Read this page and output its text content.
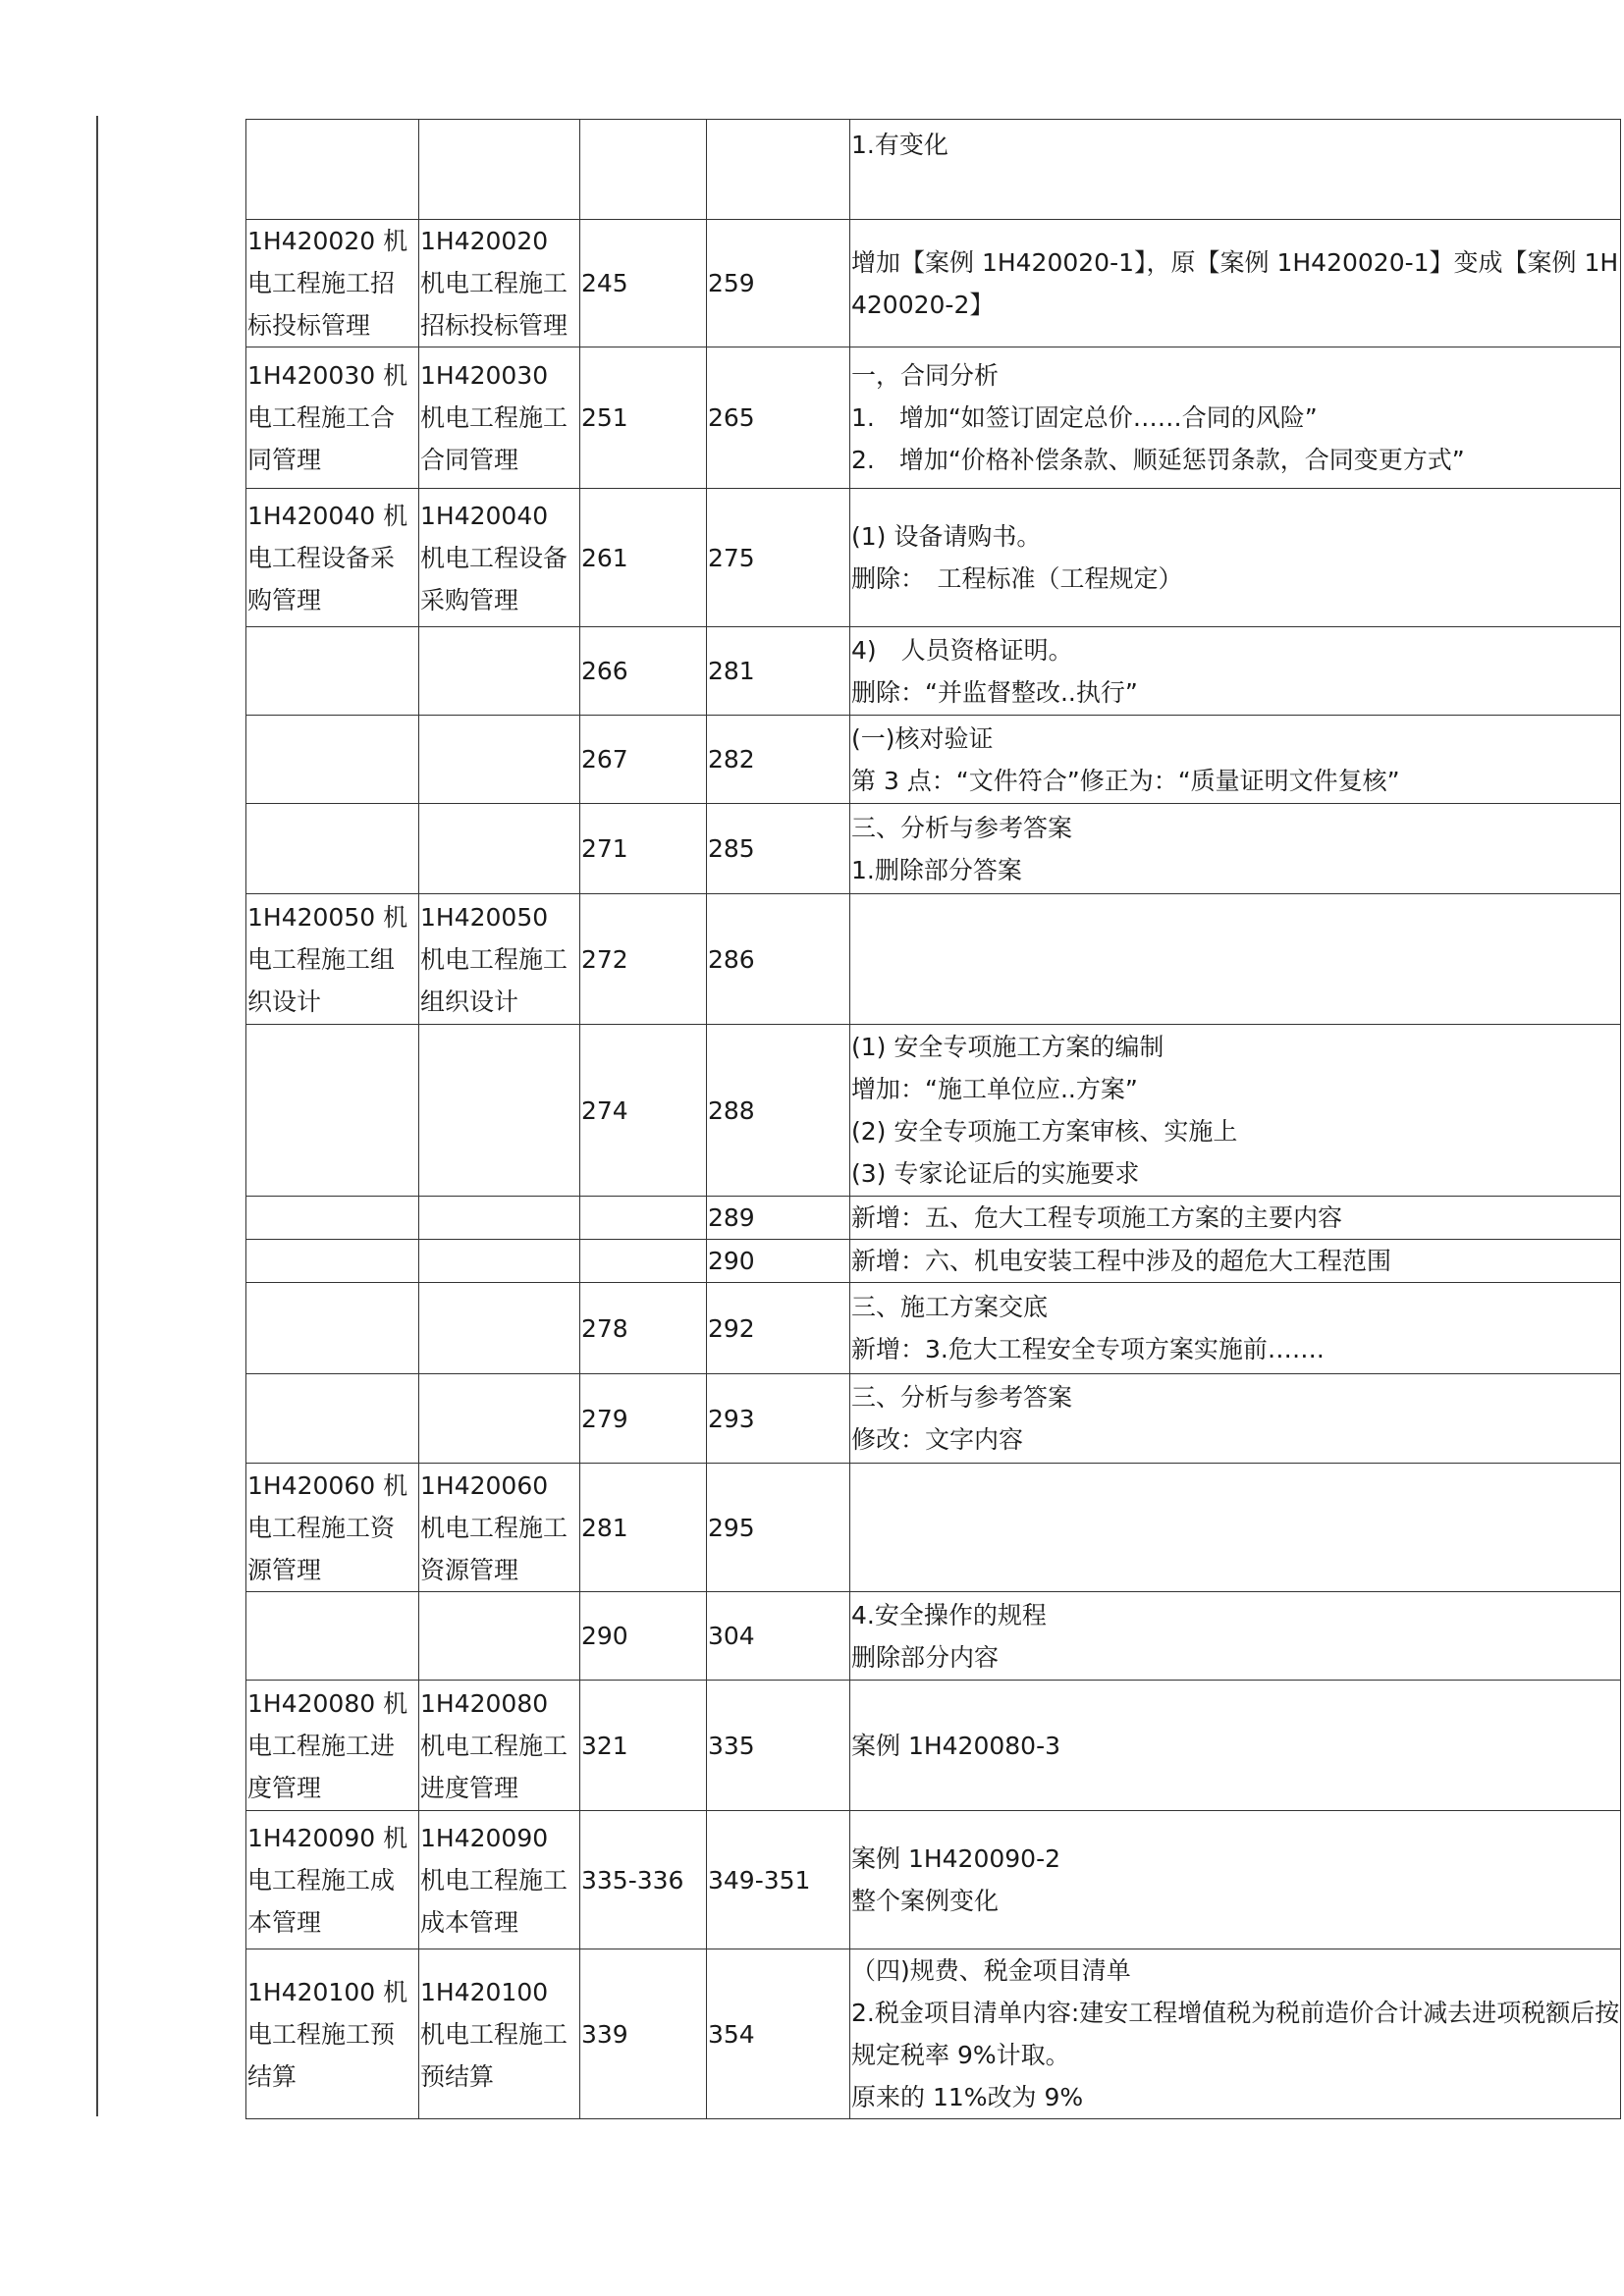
				1.有变化

1H420020 机电工程施工招标投标管理	1H420020 机电工程施工招标投标管理	245	259	增加【案例 1H420020-1】，原【案例 1H420020-1】变成【案例 1H420020-2】

1H420030 机电工程施工合同管理	1H420030 机电工程施工合同管理	251	265	一，合同分析
1.　增加“如签订固定总价……合同的风险”
2.　增加“价格补偿条款、顺延惩罚条款，合同变更方式”

1H420040 机电工程设备采购管理	1H420040 机电工程设备采购管理	261	275	(1) 设备请购书。
删除：　工程标准（工程规定）

		266	281	4)　人员资格证明。
删除：“并监督整改..执行”

		267	282	(一)核对验证
第 3 点：“文件符合”修正为：“质量证明文件复核”

		271	285	三、分析与参考答案
1.删除部分答案

1H420050 机电工程施工组织设计	1H420050 机电工程施工组织设计	272	286	

		274	288	(1) 安全专项施工方案的编制
增加：“施工单位应..方案”
(2) 安全专项施工方案审核、实施上
(3) 专家论证后的实施要求

			289	新增：五、危大工程专项施工方案的主要内容

			290	新增：六、机电安装工程中涉及的超危大工程范围

		278	292	三、施工方案交底
新增：3.危大工程安全专项方案实施前…….

		279	293	三、分析与参考答案
修改：文字内容

1H420060 机电工程施工资源管理	1H420060 机电工程施工资源管理	281	295	

		290	304	4.安全操作的规程
删除部分内容

1H420080 机电工程施工进度管理	1H420080 机电工程施工进度管理	321	335	案例 1H420080-3

1H420090 机电工程施工成本管理	1H420090 机电工程施工成本管理	335-336	349-351	案例 1H420090-2
整个案例变化

1H420100 机电工程施工预结算	1H420100 机电工程施工预结算	339	354	（四)规费、税金项目清单
2.税金项目清单内容:建安工程增值税为税前造价合计减去进项税额后按规定税率 9%计取。
原来的 11%改为 9%
